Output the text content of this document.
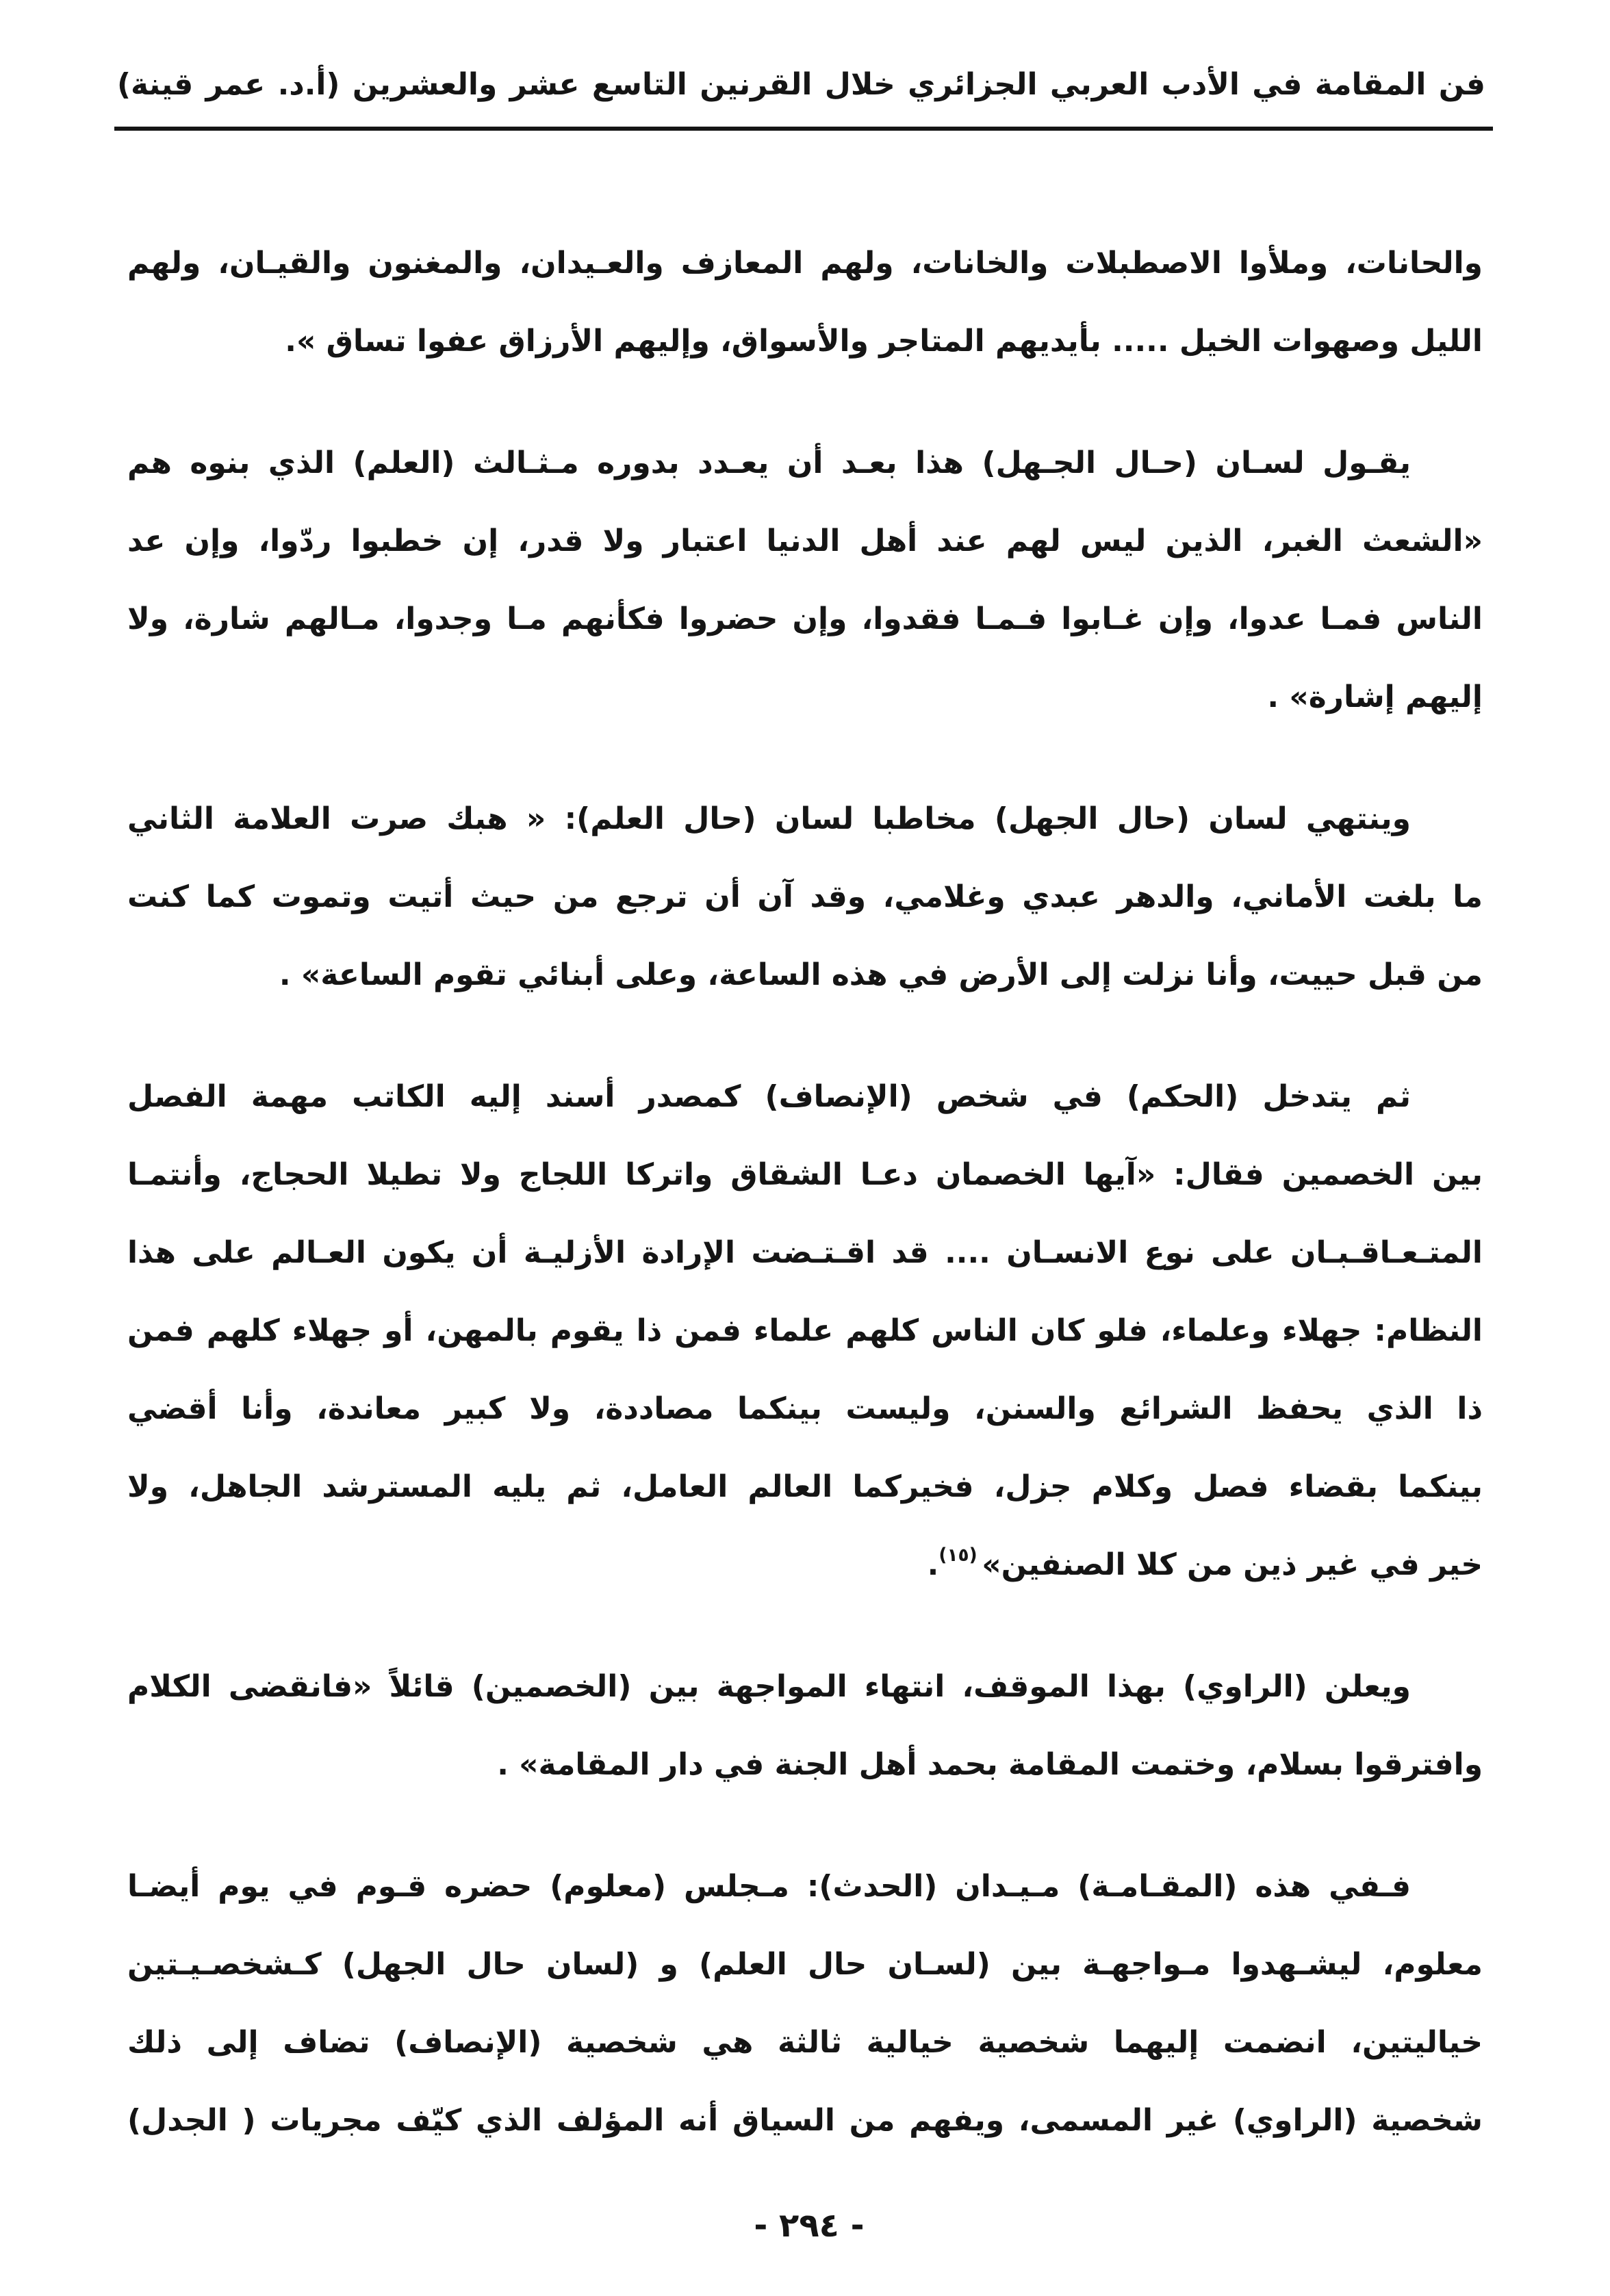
فن المقامة في الأدب العربي الجزائري خلال القرنين التاسع عشر والعشرين (أ.د. عمر قينة)
والحانات، وملأوا الاصطبلات والخانات، ولهم المعازف والعـيدان، والمغنون والقيـان، ولهم
الليل وصهوات الخيل ..... بأيديهم المتاجر والأسواق، وإليهم الأرزاق عفوا تساق ».
يقـول لسـان (حـال الجـهل) هذا بعـد أن يعـدد بدوره مـثـالث (العلم) الذي بنوه هم
«الشعث الغبر، الذين ليس لهم عند أهل الدنيا اعتبار ولا قدر، إن خطبوا ردّوا، وإن عد
الناس فمـا عدوا، وإن غـابوا فـمـا فقدوا، وإن حضروا فكأنهم مـا وجدوا، مـالهم شارة، ولا
إليهم إشارة» .
وينتهي لسان (حال الجهل) مخاطبا لسان (حال العلم): « هبك صرت العلامة الثاني
ما بلغت الأماني، والدهر عبدي وغلامي، وقد آن أن ترجع من حيث أتيت وتموت كما كنت
من قبل حييت، وأنا نزلت إلى الأرض في هذه الساعة، وعلى أبنائي تقوم الساعة» .
ثم يتدخل (الحكم) في شخص (الإنصاف) كمصدر أسند إليه الكاتب مهمة الفصل
بين الخصمين فقال: «آيها الخصمان دعـا الشقاق واتركا اللجاج ولا تطيلا الحجاج، وأنتمـا
المتـعـاقـبـان على نوع الانسـان .... قد اقـتـضت الإرادة الأزليـة أن يكون العـالم على هذا
النظام: جهلاء وعلماء، فلو كان الناس كلهم علماء فمن ذا يقوم بالمهن، أو جهلاء كلهم فمن
ذا الذي يحفظ الشرائع والسنن، وليست بينكما مصاددة، ولا كبير معاندة، وأنا أقضي
بينكما بقضاء فصل وكلام جزل، فخيركما العالم العامل، ثم يليه المسترشد الجاهل، ولا
خير في غير ذين من كلا الصنفين»$^{(١٥)}$.
ويعلن (الراوي) بهذا الموقف، انتهاء المواجهة بين (الخصمين) قائلاً «فانقضى الكلام
وافترقوا بسلام، وختمت المقامة بحمد أهل الجنة في دار المقامة» .
فـفي هذه (المقـامـة) مـيـدان (الحدث): مـجلس (معلوم) حضره قـوم في يوم أيضـا
معلوم، ليشـهدوا مـواجهـة بين (لسـان حال العلم) و (لسان حال الجهل) كـشخصـيـتين
خياليتين، انضمت إليهما شخصية خيالية ثالثة هي شخصية (الإنصاف) تضاف إلى ذلك
شخصية (الراوي) غير المسمى، ويفهم من السياق أنه المؤلف الذي كيّف مجريات ( الجدل)
- ٢٩٤ -
